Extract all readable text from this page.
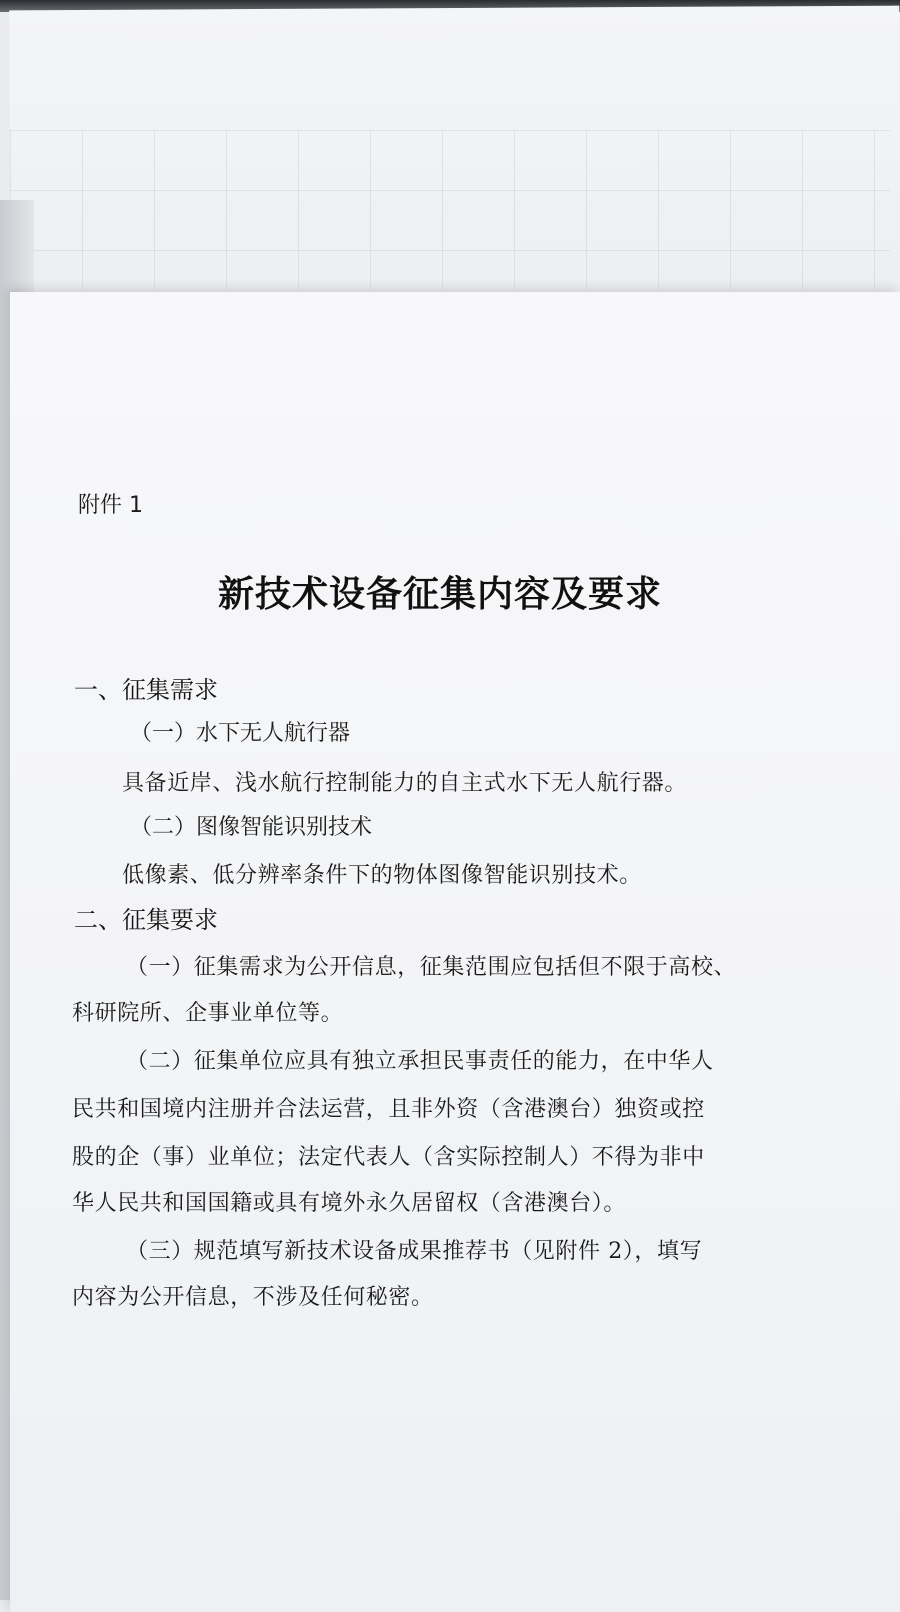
附件 1
新技术设备征集内容及要求
一、征集需求
（一）水下无人航行器
具备近岸、浅水航行控制能力的自主式水下无人航行器。
（二）图像智能识别技术
低像素、低分辨率条件下的物体图像智能识别技术。
二、征集要求
（一）征集需求为公开信息，征集范围应包括但不限于高校、
科研院所、企事业单位等。
（二）征集单位应具有独立承担民事责任的能力，在中华人
民共和国境内注册并合法运营，且非外资（含港澳台）独资或控
股的企（事）业单位；法定代表人（含实际控制人）不得为非中
华人民共和国国籍或具有境外永久居留权（含港澳台）。
（三）规范填写新技术设备成果推荐书（见附件 2），填写
内容为公开信息，不涉及任何秘密。
